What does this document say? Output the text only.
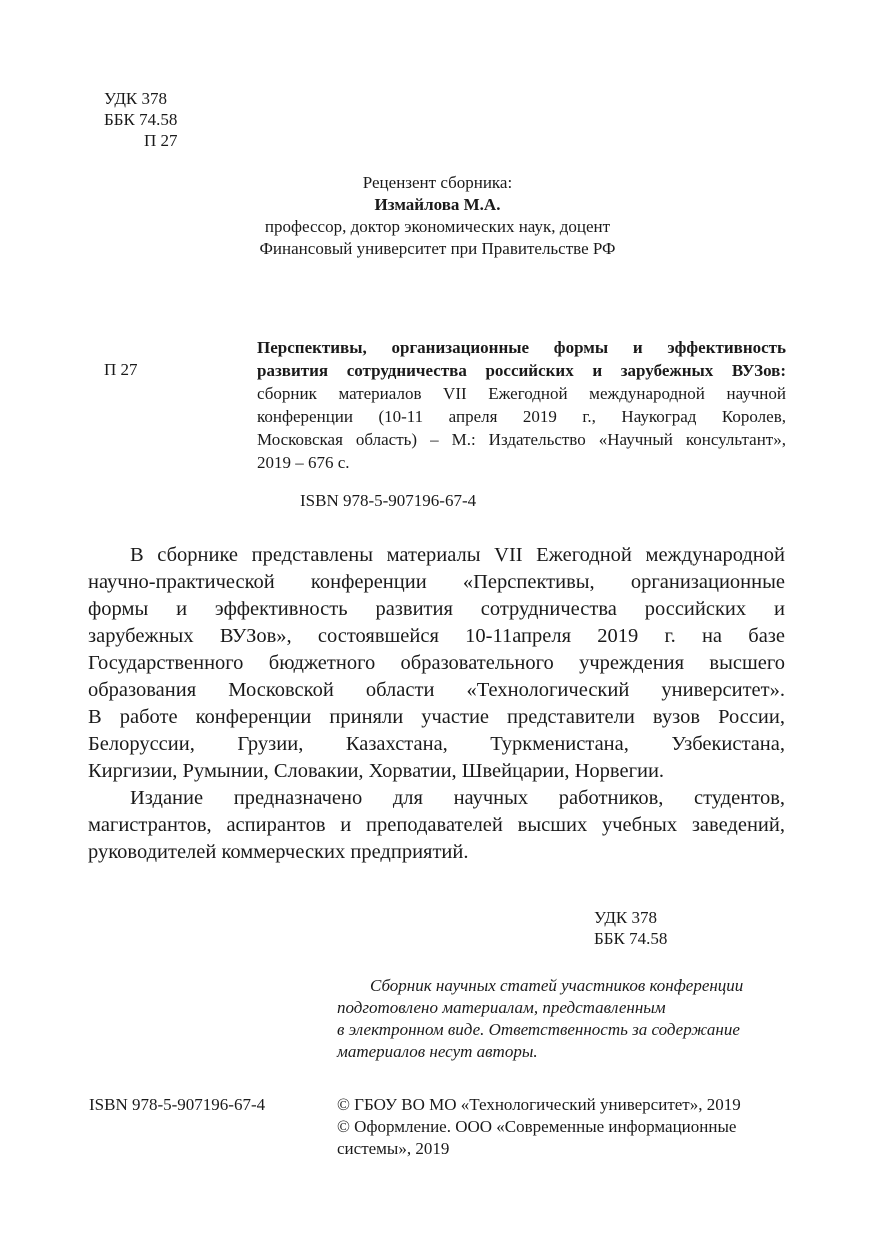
УДК 378
ББК 74.58
П 27
Рецензент сборника:
Измайлова М.А.
профессор, доктор экономических наук, доцент
Финансовый университет при Правительстве РФ
П 27
Перспективы, организационные формы и эффективность
развития сотрудничества российских и зарубежных ВУЗов:
сборник материалов VII Ежегодной международной научной
конференции (10-11 апреля 2019 г., Наукоград Королев,
Московская область) – М.: Издательство «Научный консультант»,
2019 – 676 с.
ISBN 978-5-907196-67-4
В сборнике представлены материалы VII Ежегодной международной
научно-практической конференции «Перспективы, организационные
формы и эффективность развития сотрудничества российских и
зарубежных ВУЗов», состоявшейся 10-11апреля 2019 г. на базе
Государственного бюджетного образовательного учреждения высшего
образования Московской области «Технологический университет».
В работе конференции приняли участие представители вузов России,
Белоруссии, Грузии, Казахстана, Туркменистана, Узбекистана,
Киргизии, Румынии, Словакии, Хорватии, Швейцарии, Норвегии.
Издание предназначено для научных работников, студентов,
магистрантов, аспирантов и преподавателей высших учебных заведений,
руководителей коммерческих предприятий.
УДК 378
ББК 74.58
Сборник научных статей участников конференции
подготовлено материалам, представленным
в электронном виде. Ответственность за содержание
материалов несут авторы.
ISBN 978-5-907196-67-4	© ГБОУ ВО МО «Технологический университет», 2019
© Оформление. ООО «Современные информационные
системы», 2019
